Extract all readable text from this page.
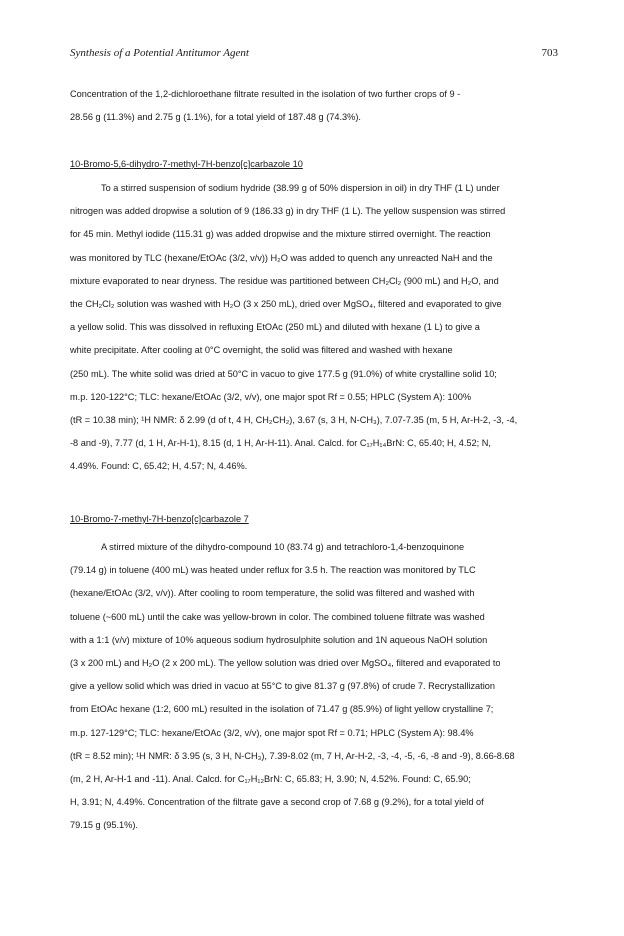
Synthesis of a Potential Antitumor Agent	703
Concentration of the 1,2-dichloroethane filtrate resulted in the isolation of two further crops of 9 -
28.56 g (11.3%) and 2.75 g (1.1%), for a total yield of 187.48 g (74.3%).
10-Bromo-5,6-dihydro-7-methyl-7H-benzo[c]carbazole 10
To a stirred suspension of sodium hydride (38.99 g of 50% dispersion in oil) in dry THF (1 L) under
nitrogen was added dropwise a solution of 9 (186.33 g) in dry THF (1 L). The yellow suspension was stirred
for 45 min. Methyl iodide (115.31 g) was added dropwise and the mixture stirred overnight. The reaction
was monitored by TLC (hexane/EtOAc (3/2, v/v)) H₂O was added to quench any unreacted NaH and the
mixture evaporated to near dryness. The residue was partitioned between CH₂Cl₂ (900 mL) and H₂O, and
the CH₂Cl₂ solution was washed with H₂O (3 x 250 mL), dried over MgSO₄, filtered and evaporated to give
a yellow solid. This was dissolved in refluxing EtOAc (250 mL) and diluted with hexane (1 L) to give a
white precipitate. After cooling at 0°C overnight, the solid was filtered and washed with hexane
(250 mL). The white solid was dried at 50°C in vacuo to give 177.5 g (91.0%) of white crystalline solid 10;
m.p. 120-122°C; TLC: hexane/EtOAc (3/2, v/v), one major spot Rf = 0.55; HPLC (System A): 100%
(tR = 10.38 min); ¹H NMR: δ 2.99 (d of t, 4 H, CH₂CH₂), 3.67 (s, 3 H, N-CH₃), 7.07-7.35 (m, 5 H, Ar-H-2, -3, -4,
-8 and -9), 7.77 (d, 1 H, Ar-H-1), 8.15 (d, 1 H, Ar-H-11). Anal. Calcd. for C₁₇H₁₄BrN: C, 65.40; H, 4.52; N,
4.49%. Found: C, 65.42; H, 4.57; N, 4.46%.
10-Bromo-7-methyl-7H-benzo[c]carbazole 7
A stirred mixture of the dihydro-compound 10 (83.74 g) and tetrachloro-1,4-benzoquinone
(79.14 g) in toluene (400 mL) was heated under reflux for 3.5 h. The reaction was monitored by TLC
(hexane/EtOAc (3/2, v/v)). After cooling to room temperature, the solid was filtered and washed with
toluene (~600 mL) until the cake was yellow-brown in color. The combined toluene filtrate was washed
with a 1:1 (v/v) mixture of 10% aqueous sodium hydrosulphite solution and 1N aqueous NaOH solution
(3 x 200 mL) and H₂O (2 x 200 mL). The yellow solution was dried over MgSO₄, filtered and evaporated to
give a yellow solid which was dried in vacuo at 55°C to give 81.37 g (97.8%) of crude 7. Recrystallization
from EtOAc hexane (1:2, 600 mL) resulted in the isolation of 71.47 g (85.9%) of light yellow crystalline 7;
m.p. 127-129°C; TLC: hexane/EtOAc (3/2, v/v), one major spot Rf = 0.71; HPLC (System A): 98.4%
(tR = 8.52 min); ¹H NMR: δ 3.95 (s, 3 H, N-CH₃), 7.39-8.02 (m, 7 H, Ar-H-2, -3, -4, -5, -6, -8 and -9), 8.66-8.68
(m, 2 H, Ar-H-1 and -11). Anal. Calcd. for C₁₇H₁₂BrN: C, 65.83; H, 3.90; N, 4.52%. Found: C, 65.90;
H, 3.91; N, 4.49%. Concentration of the filtrate gave a second crop of 7.68 g (9.2%), for a total yield of
79.15 g (95.1%).
